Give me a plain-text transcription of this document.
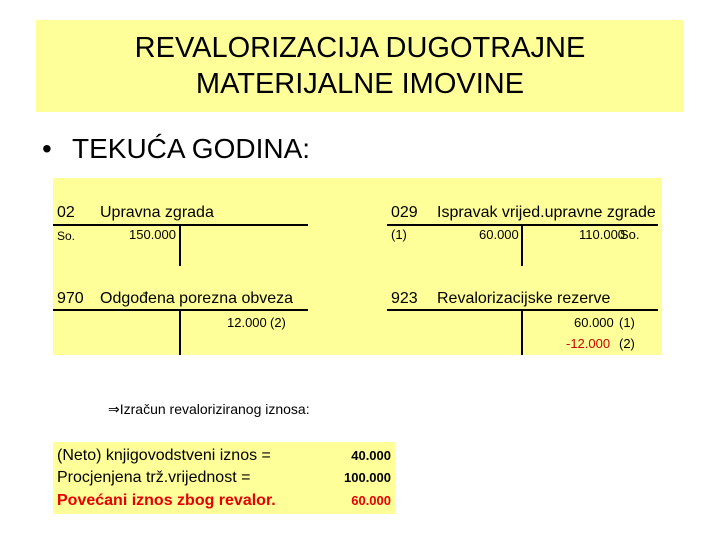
REVALORIZACIJA DUGOTRAJNE
MATERIJALNE IMOVINE
• TEKUĆA GODINA:
02 Upravna zgrada
So.	150.000
029 Ispravak vrijed.upravne zgrade
(1)	60.000	110.000
So.
970 Odgođena porezna obveza
12.000 (2)
923 Revalorizacijske rezerve
60.000 (1)
-12.000 (2)
⇒Izračun revaloriziranog iznosa:
(Neto) knjigovodstveni iznos =	40.000
Procjenjena trž.vrijednost =	100.000
Povećani iznos zbog revalor.	60.000
